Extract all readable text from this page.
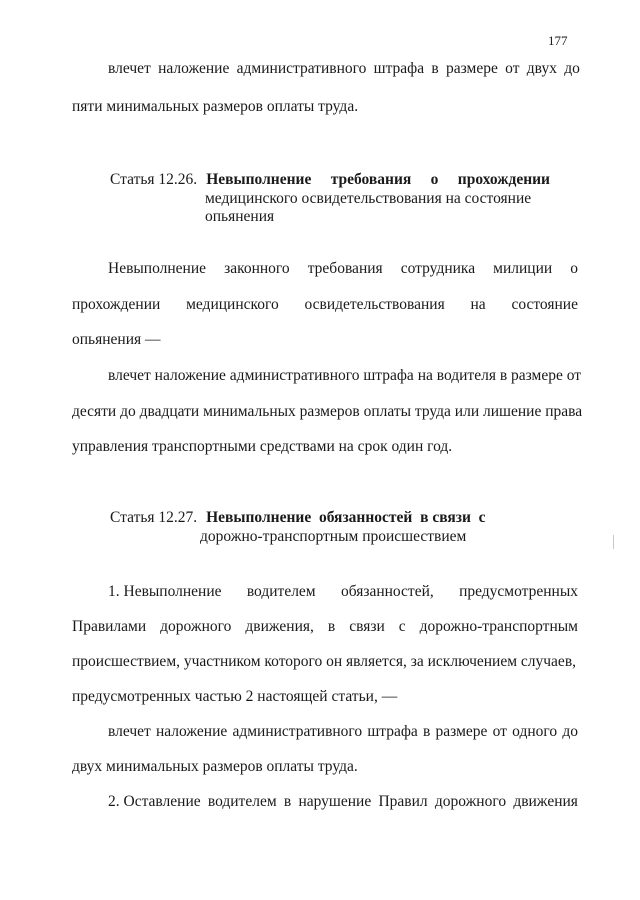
177
влечет наложение административного штрафа в размере от двух до
пяти минимальных размеров оплаты труда.
Статья 12.26. Невыполнение требования о прохождении
медицинского освидетельствования на состояние
опьянения
Невыполнение законного требования сотрудника милиции о
прохождении медицинского освидетельствования на состояние
опьянения —
влечет наложение административного штрафа на водителя в размере от
десяти до двадцати минимальных размеров оплаты труда или лишение права
управления транспортными средствами на срок один год.
Статья 12.27. Невыполнение  обязанностей  в связи  с
дорожно-транспортным происшествием
1. Невыполнение водителем обязанностей, предусмотренных
Правилами дорожного движения, в связи с дорожно-транспортным
происшествием, участником которого он является, за исключением случаев,
предусмотренных частью 2 настоящей статьи, —
влечет наложение административного штрафа в размере от одного до
двух минимальных размеров оплаты труда.
2. Оставление водителем в нарушение Правил дорожного движения
